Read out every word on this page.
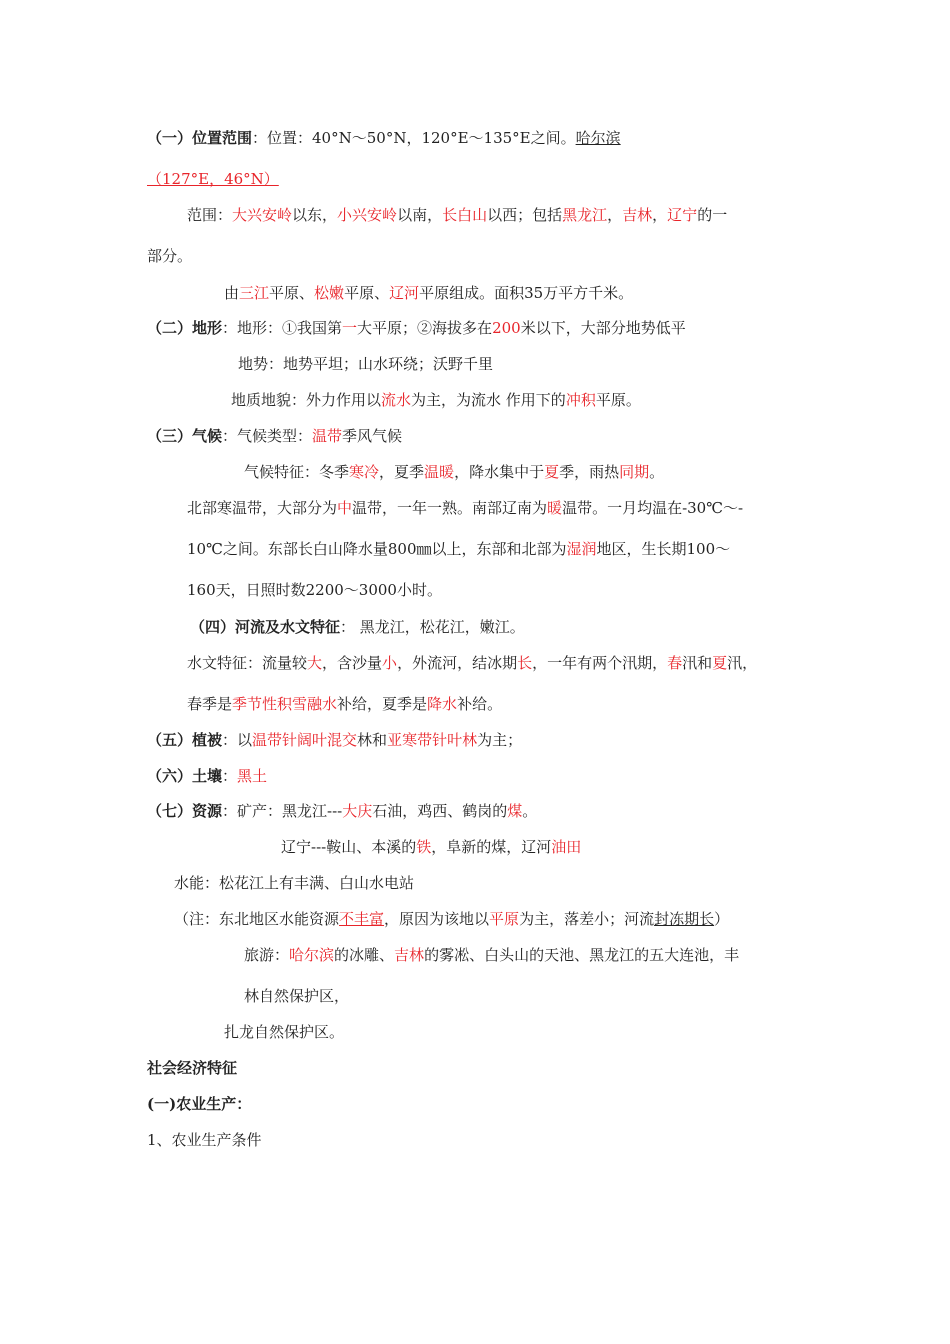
（一）位置范围：位置：40°N～50°N，120°E～135°E之间。哈尔滨
（127°E，46°N）
范围：大兴安岭以东，小兴安岭以南，长白山以西；包括黑龙江，吉林，辽宁的一
部分。
由三江平原、松嫩平原、辽河平原组成。面积35万平方千米。
（二）地形：地形：①我国第一大平原；②海拔多在200米以下，大部分地势低平
地势：地势平坦；山水环绕；沃野千里
地质地貌：外力作用以流水为主，为流水 作用下的冲积平原。
（三）气候：气候类型：温带季风气候
气候特征：冬季寒冷，夏季温暖，降水集中于夏季，雨热同期。
北部寒温带，大部分为中温带，一年一熟。南部辽南为暖温带。一月均温在-30℃～-
10℃之间。东部长白山降水量800㎜以上，东部和北部为湿润地区，生长期100～
160天，日照时数2200～3000小时。
（四）河流及水文特征： 黑龙江，松花江，嫩江。
水文特征：流量较大，含沙量小，外流河，结冰期长，一年有两个汛期，春汛和夏汛，
春季是季节性积雪融水补给，夏季是降水补给。
（五）植被：以温带针阔叶混交林和亚寒带针叶林为主；
（六）土壤：黑土
（七）资源：矿产：黑龙江---大庆石油，鸡西、鹤岗的煤。
辽宁---鞍山、本溪的铁，阜新的煤，辽河油田
水能：松花江上有丰满、白山水电站
（注：东北地区水能资源不丰富，原因为该地以平原为主，落差小；河流封冻期长）
旅游：哈尔滨的冰雕、吉林的雾凇、白头山的天池、黑龙江的五大连池，丰
林自然保护区，
扎龙自然保护区。
社会经济特征
(一)农业生产：
1、农业生产条件
